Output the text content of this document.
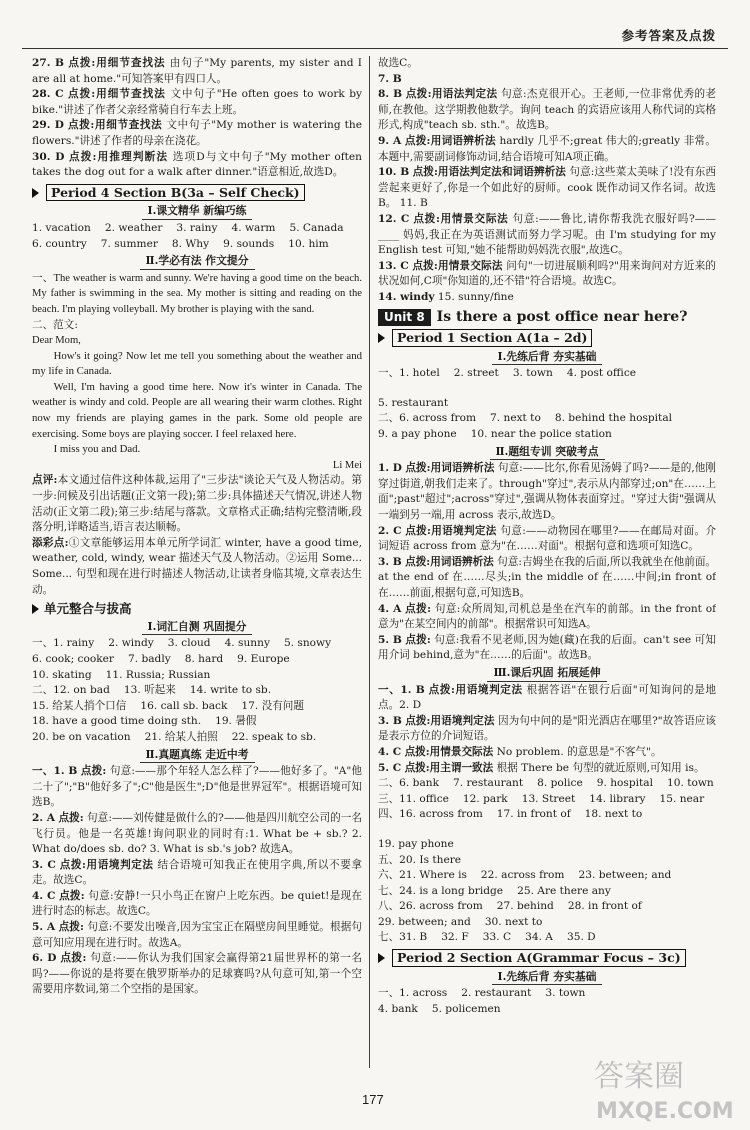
参考答案及点拨

27. B 点拨:用细节查找法 由句子"My parents, my sister and I are all at home."可知答案甲有四口人。

28. C 点拨:用细节查找法 文中句子"He often goes to work by bike."讲述了作者父亲经常骑自行车去上班。

29. D 点拨:用细节查找法 文中句子"My mother is watering the flowers."讲述了作者的母亲在浇花。

30. D 点拨:用推理判断法 选项D与文中句子"My mother often takes the dog out for a walk after dinner."语意相近,故选D。

Period 4 Section B(3a – Self Check)
Ⅰ.课文精华 新编巧练
1. vacation 2. weather 3. rainy 4. warm 5. Canada
6. country 7. summer 8. Why 9. sounds 10. him
Ⅱ.学必有法 作文提分

一、The weather is warm and sunny. We're having a good time on the beach. My father is swimming in the sea. My mother is sitting and reading on the beach. I'm playing volleyball. My brother is playing with the sand.

二、范文:

Dear Mom,

How's it going? Now let me tell you something about the weather and my life in Canada.

Well, I'm having a good time here. Now it's winter in Canada. The weather is windy and cold. People are all wearing their warm clothes. Right now my friends are playing games in the park. Some old people are exercising. Some boys are playing soccer. I feel relaxed here.

I miss you and Dad.

Li Mei

点评:本文通过信件这种体裁,运用了"三步法"谈论天气及人物活动。第一步:问候及引出话题(正文第一段);第二步:具体描述天气情况,讲述人物活动(正文第二段);第三步:结尾与落款。文章格式正确;结构完整清晰,段落分明,详略适当,语言表达顺畅。

添彩点:①文章能够运用本单元所学词汇 winter, have a good time, weather, cold, windy, wear 描述天气及人物活动。②运用 Some... Some... 句型和现在进行时描述人物活动,让读者身临其境,文章表达生动。

单元整合与拔高
Ⅰ.词汇自测 巩固提分
一、1. rainy 2. windy 3. cloud 4. sunny 5. snowy
6. cook; cooker 7. badly 8. hard 9. Europe
10. skating 11. Russia; Russian
二、12. on bad 13. 听起来 14. write to sb.
15. 给某人捎个口信 16. call sb. back 17. 没有问题
18. have a good time doing sth. 19. 暑假
20. be on vacation 21. 给某人拍照 22. speak to sb.
Ⅱ.真题真练 走近中考

一、1. B 点拨: 句意:——那个年轻人怎么样了?——他好多了。"A"他二十了";"B"他好多了";C"他是医生";D"他是世界冠军"。根据语境可知选B。

2. A 点拨: 句意:——刘传健是做什么的?——他是四川航空公司的一名飞行员。他是一名英雄!询问职业的同时有:1. What be + sb.? 2. What do/does sb. do? 3. What is sb.'s job? 故选A。

3. C 点拨:用语境判定法 结合语境可知我正在使用字典,所以不要拿走。故选C。

4. C 点拨: 句意:安静!一只小鸟正在窗户上吃东西。be quiet!是现在进行时态的标志。故选C。

5. A 点拨: 句意:不要发出噪音,因为宝宝正在隔壁房间里睡觉。根据句意可知应用现在进行时。故选A。

6. D 点拨: 句意:——你认为我们国家会赢得第21届世界杯的第一名吗?——你说的是将要在俄罗斯举办的足球赛吗?从句意可知,第一个空需要用序数词,第二个空指的是国家。

故选C。

7. B

8. B 点拨:用语法判定法 句意:杰克很开心。王老师,一位非常优秀的老师,在教他。这学期教他数学。询问 teach 的宾语应该用人称代词的宾格形式,构成"teach sb. sth."。故选B。

9. A 点拨:用词语辨析法 hardly 几乎不;great 伟大的;greatly 非常。本题中,需要副词修饰动词,结合语境可知A项正确。

10. B 点拨:用语法判定法和词语辨析法 句意:这些菜太美味了!没有东西尝起来更好了,你是一个如此好的厨师。cook 既作动词又作名词。故选B。 11. B

12. C 点拨:用情景交际法 句意:——鲁比,请你帮我洗衣服好吗?——____ 妈妈,我正在为英语测试而努力学习呢。由 I'm studying for my English test 可知,"她不能帮助妈妈洗衣服",故选C。

13. C 点拨:用情景交际法 问句"一切进展顺利吗?"用来询问对方近来的状况如何,C项"你知道的,还不错"符合语境。故选C。

14. windy 15. sunny/fine

Unit 8 Is there a post office near here?
Period 1 Section A(1a – 2d)
Ⅰ.先练后背 夯实基础
一、1. hotel 2. street 3. town 4. post office
5. restaurant
二、6. across from 7. next to 8. behind the hospital
9. a pay phone 10. near the police station
Ⅱ.题组专训 突破考点

1. D 点拨:用词语辨析法 句意:——比尔,你看见汤姆了吗?——是的,他刚穿过街道,朝我们走来了。through"穿过",表示从内部穿过;on"在……上面";past"超过";across"穿过",强调从物体表面穿过。"穿过大街"强调从一端到另一端,用 across 表示,故选D。

2. C 点拨:用语境判定法 句意:——动物园在哪里?——在邮局对面。介词短语 across from 意为"在……对面"。根据句意和选项可知选C。

3. B 点拨:用词语辨析法 句意:吉姆坐在我的后面,所以我就坐在他前面。at the end of 在……尽头;in the middle of 在……中间;in front of 在……前面,根据句意,可知选B。

4. A 点拨: 句意:众所周知,司机总是坐在汽车的前部。in the front of 意为"在某空间内的前部"。根据常识可知选A。

5. B 点拨: 句意:我看不见老师,因为她(藏)在我的后面。can't see 可知用介词 behind,意为"在……的后面"。故选B。

Ⅲ.课后巩固 拓展延伸

一、1. B 点拨:用语境判定法 根据答语"在银行后面"可知询问的是地点。2. D

3. B 点拨:用语境判定法 因为句中问的是"阳光酒店在哪里?"故答语应该是表示方位的介词短语。

4. C 点拨:用情景交际法 No problem. 的意思是"不客气"。

5. C 点拨:用主谓一致法 根据 There be 句型的就近原则,可知用 is。

二、6. bank 7. restaurant 8. police 9. hospital 10. town
三、11. office 12. park 13. Street 14. library 15. near
四、16. across from 17. in front of 18. next to
19. pay phone
五、20. Is there
六、21. Where is 22. across from 23. between; and
七、24. is a long bridge 25. Are there any
八、26. across from 27. behind 28. in front of
29. between; and 30. next to
七、31. B 32. F 33. C 34. A 35. D
Period 2 Section A(Grammar Focus – 3c)
Ⅰ.先练后背 夯实基础
一、1. across 2. restaurant 3. town
4. bank 5. policemen
177
答案圈
MXQE.COM
